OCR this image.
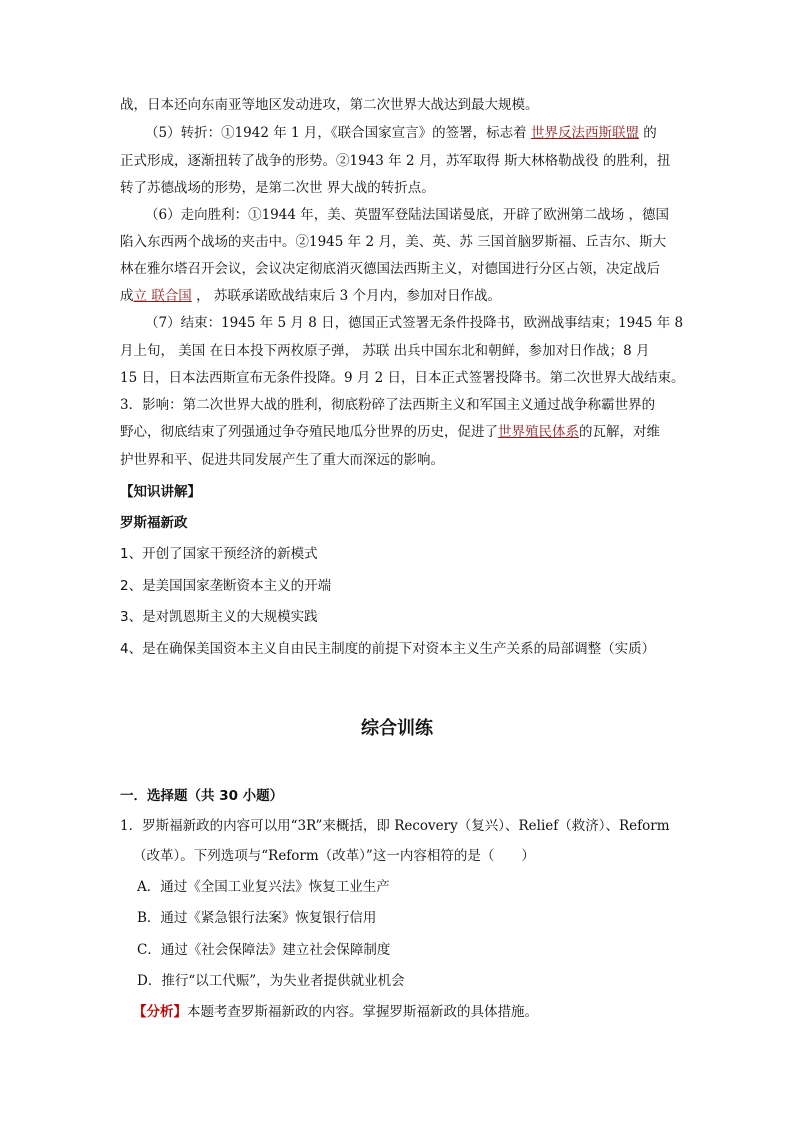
战，日本还向东南亚等地区发动进攻，第二次世界大战达到最大规模。
（5）转折：①1942 年 1 月，《联合国家宣言》的签署，标志着 世界反法西斯联盟 的
正式形成，逐渐扭转了战争的形势。②1943 年 2 月，苏军取得 斯大林格勒战役 的胜利，扭
转了苏德战场的形势，是第二次世 界大战的转折点。
（6）走向胜利：①1944 年，美、英盟军登陆法国诺曼底，开辟了欧洲第二战场 ，德国
陷入东西两个战场的夹击中。②1945 年 2 月，美、英、苏 三国首脑罗斯福、丘吉尔、斯大
林在雅尔塔召开会议，会议决定彻底消灭德国法西斯主义，对德国进行分区占领，决定战后
成立 联合国 ， 苏联承诺欧战结束后 3 个月内，参加对日作战。
（7）结束：1945 年 5 月 8 日，德国正式签署无条件投降书，欧洲战事结束；1945 年 8
月上旬， 美国 在日本投下两枚原子弹， 苏联 出兵中国东北和朝鲜，参加对日作战；8 月
15 日，日本法西斯宣布无条件投降。9 月 2 日，日本正式签署投降书。第二次世界大战结束。
3．影响：第二次世界大战的胜利，彻底粉碎了法西斯主义和军国主义通过战争称霸世界的
野心，彻底结束了列强通过争夺殖民地瓜分世界的历史，促进了世界殖民体系的瓦解，对维
护世界和平、促进共同发展产生了重大而深远的影响。
【知识讲解】
罗斯福新政
1、开创了国家干预经济的新模式
2、是美国国家垄断资本主义的开端
3、是对凯恩斯主义的大规模实践
4、是在确保美国资本主义自由民主制度的前提下对资本主义生产关系的局部调整（实质）
综合训练
一．选择题（共 30 小题）
1．罗斯福新政的内容可以用“3R”来概括，即 Recovery（复兴）、Relief（救济）、Reform
（改革）。下列选项与“Reform（改革）”这一内容相符的是（　　）
A．通过《全国工业复兴法》恢复工业生产
B．通过《紧急银行法案》恢复银行信用
C．通过《社会保障法》建立社会保障制度
D．推行“以工代赈”，为失业者提供就业机会
【分析】本题考查罗斯福新政的内容。掌握罗斯福新政的具体措施。
